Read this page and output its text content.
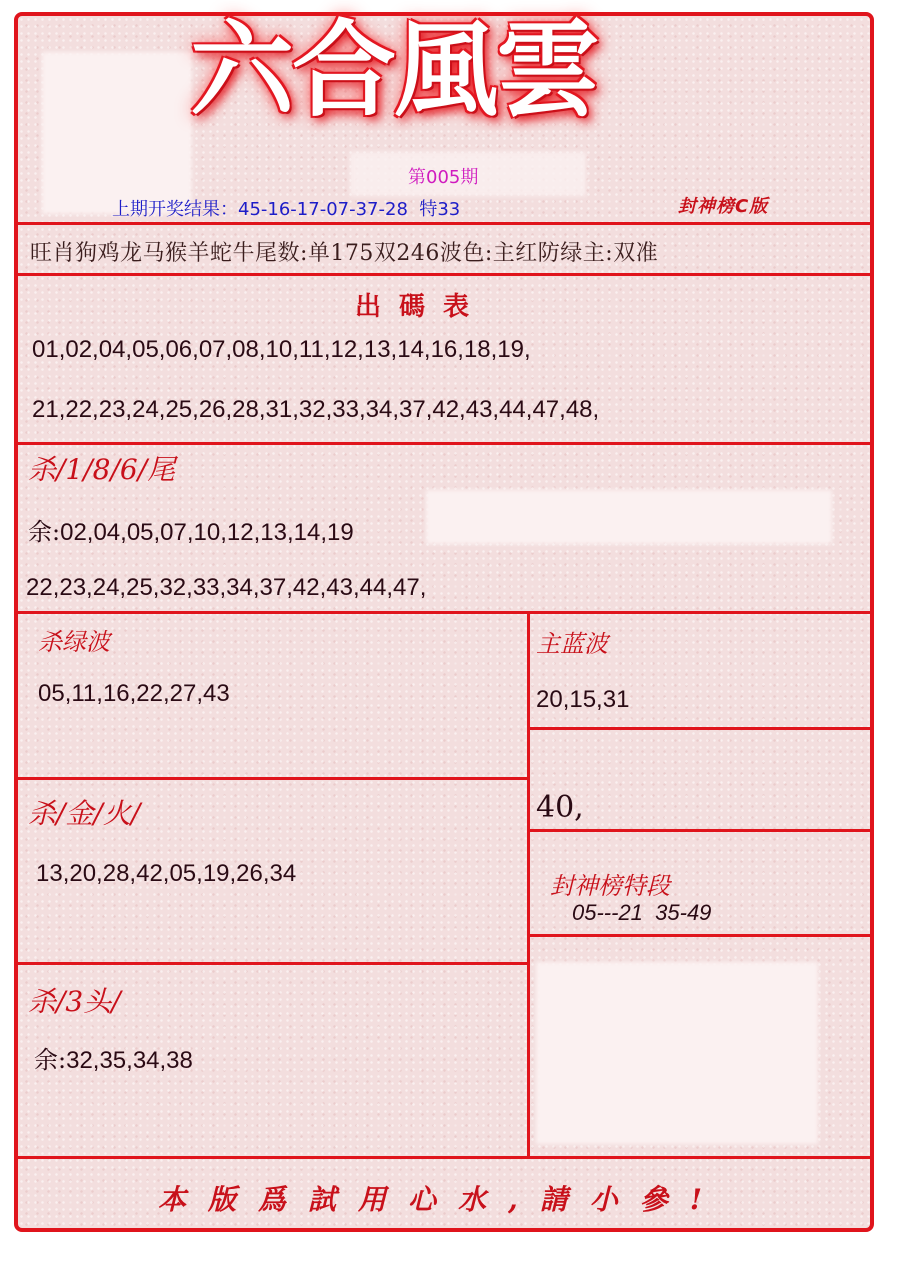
六合風雲
第005期
上期开奖结果：45-16-17-07-37-28 特33	封神榜C版
旺肖狗鸡龙马猴羊蛇牛尾数:单175双246波色:主红防绿主:双准
出碼表
01,02,04,05,06,07,08,10,11,12,13,14,16,18,19,
21,22,23,24,25,26,28,31,32,33,34,37,42,43,44,47,48,
杀/1/8/6/尾
余:02,04,05,07,10,12,13,14,19
22,23,24,25,32,33,34,37,42,43,44,47,
杀绿波
05,11,16,22,27,43
主蓝波
20,15,31
40,
杀/金/火/
13,20,28,42,05,19,26,34	封神榜特段
05---21  35-49
杀/3头/
余:32,35,34,38
本版爲試用心水,請小參!
